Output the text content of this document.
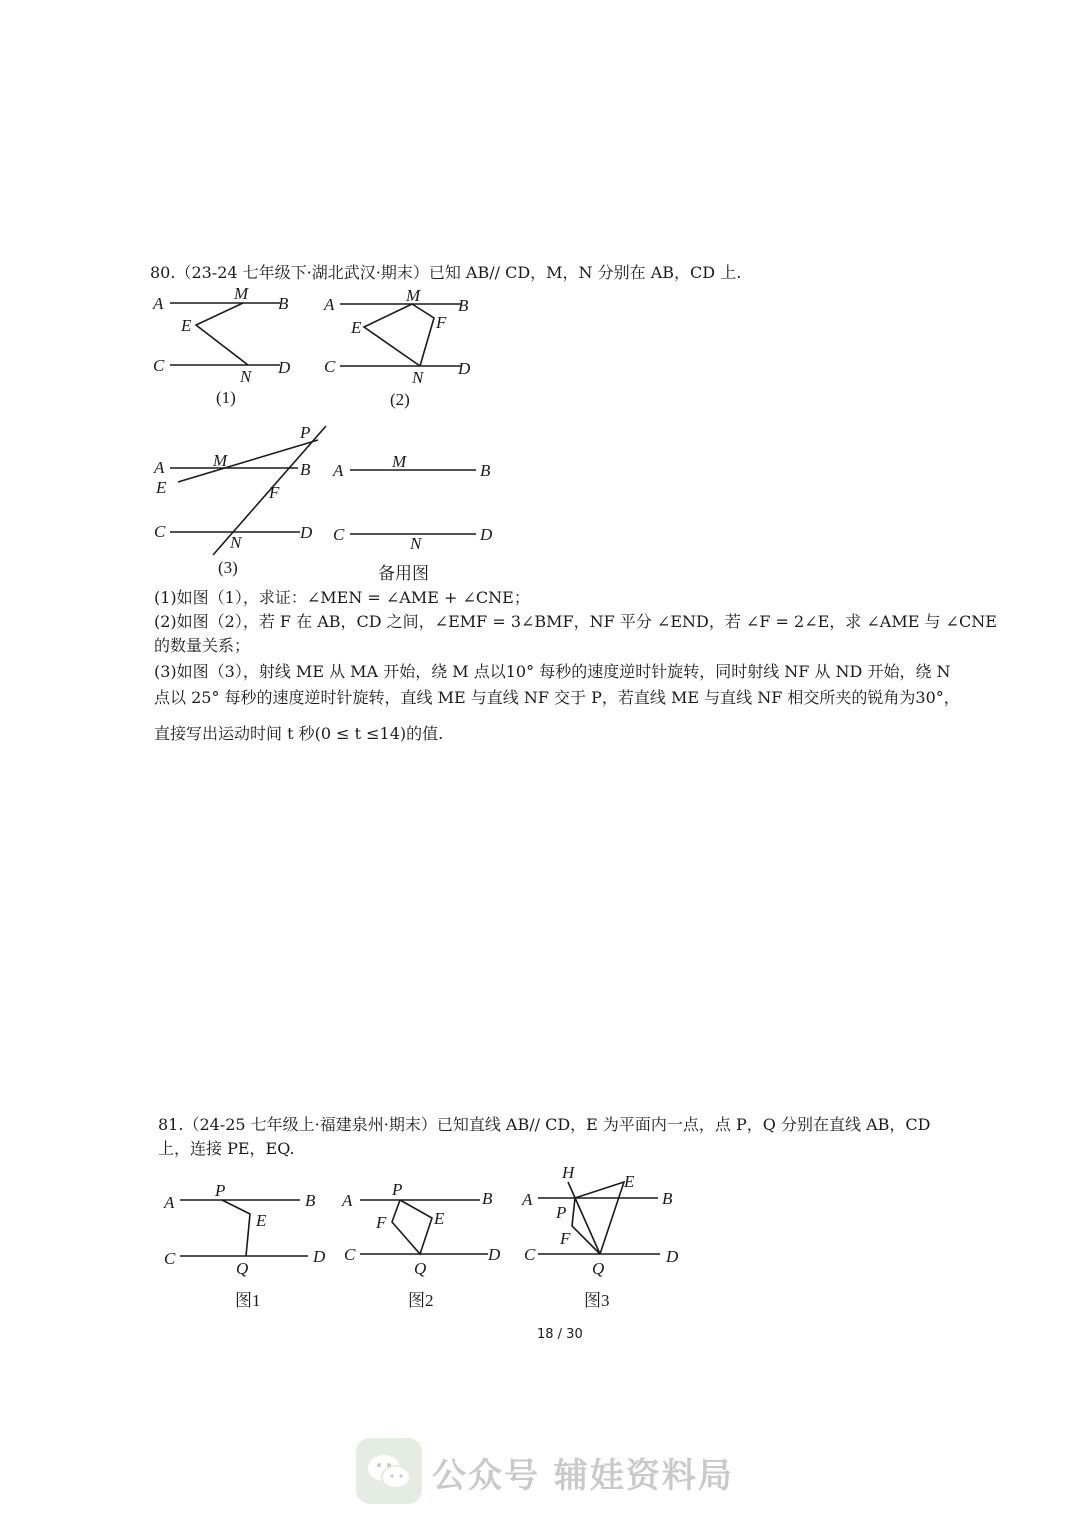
80.（23-24 七年级下·湖北武汉·期末）已知 AB// CD，M，N 分别在 AB，CD 上.
A
M
B
E
C
N D
(1)
A	M
B
E	F
C
N D
(2)
A	M
P
B
E	F
C
N
D
(3)
A	M	B
C	N	D
备用图
(1)如图（1），求证：∠MEN = ∠AME + ∠CNE；
(2)如图（2），若 F 在 AB，CD 之间，∠EMF = 3∠BMF，NF 平分 ∠END，若 ∠F = 2∠E，求 ∠AME 与 ∠CNE
的数量关系；
(3)如图（3），射线 ME 从 MA 开始，绕 M 点以10° 每秒的速度逆时针旋转，同时射线 NF 从 ND 开始，绕 N
点以 25° 每秒的速度逆时针旋转，直线 ME 与直线 NF 交于 P，若直线 ME 与直线 NF 相交所夹的锐角为30°，
直接写出运动时间 t 秒(0 ≤ t ≤14)的值.
81.（24-25 七年级上·福建泉州·期末）已知直线 AB// CD，E 为平面内一点，点 P，Q 分别在直线 AB，CD
上，连接 PE，EQ.
A
P
B
E
C
Q
D
图1
A
P	B
F	E
C
Q
D
图2
A
H	E
B
P
F
C
Q
D
图3
18 / 30
公众号 辅娃资料局
